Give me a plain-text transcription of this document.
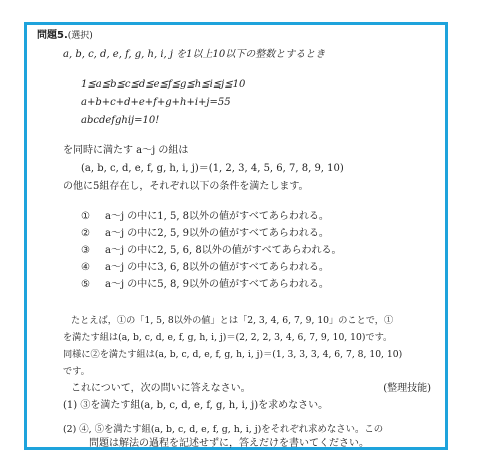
問題5.(選択)
a, b, c, d, e, f, g, h, i, j を1以上10以下の整数とするとき
1≦a≦b≦c≦d≦e≦f≦g≦h≦i≦j≦10
a+b+c+d+e+f+g+h+i+j=55
abcdefghij=10!
を同時に満たす a～j の組は
(a, b, c, d, e, f, g, h, i, j)＝(1, 2, 3, 4, 5, 6, 7, 8, 9, 10)
の他に5組存在し，それぞれ以下の条件を満たします。
① a～j の中に1, 5, 8以外の値がすべてあらわれる。
② a～j の中に2, 5, 9以外の値がすべてあらわれる。
③ a～j の中に2, 5, 6, 8以外の値がすべてあらわれる。
④ a～j の中に3, 6, 8以外の値がすべてあらわれる。
⑤ a～j の中に5, 8, 9以外の値がすべてあらわれる。
たとえば，①の「1, 5, 8以外の値」とは「2, 3, 4, 6, 7, 9, 10」のことで，①
を満たす組は(a, b, c, d, e, f, g, h, i, j)＝(2, 2, 2, 3, 4, 6, 7, 9, 10, 10)です。
同様に②を満たす組は(a, b, c, d, e, f, g, h, i, j)＝(1, 3, 3, 3, 4, 6, 7, 8, 10, 10)
です。
これについて，次の問いに答えなさい。	(整理技能)
(1) ③を満たす組(a, b, c, d, e, f, g, h, i, j)を求めなさい。
(2) ④, ⑤を満たす組(a, b, c, d, e, f, g, h, i, j)をそれぞれ求めなさい。この
問題は解法の過程を記述せずに，答えだけを書いてください。
